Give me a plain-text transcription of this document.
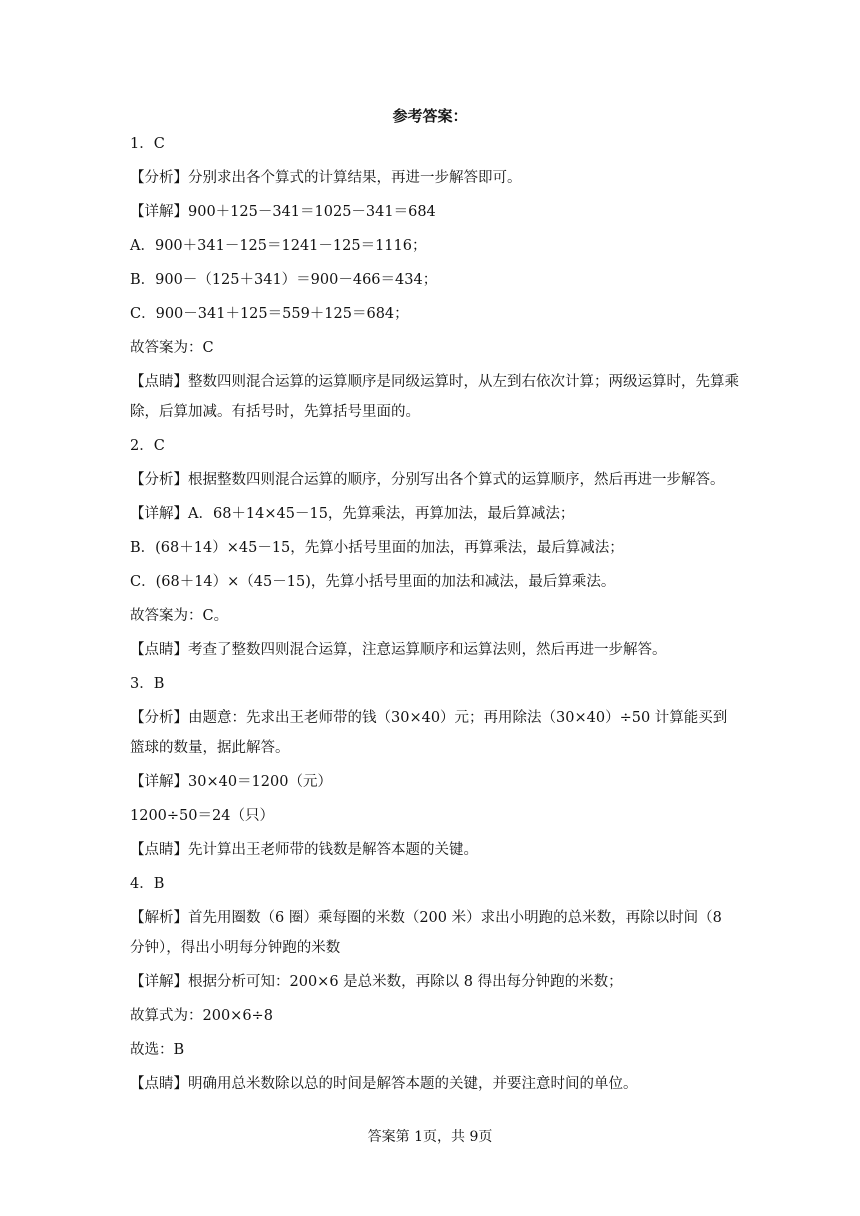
参考答案：

1．C

【分析】分别求出各个算式的计算结果，再进一步解答即可。

【详解】900＋125－341＝1025－341＝684

A．900＋341－125＝1241－125＝1116；

B．900－（125＋341）＝900－466＝434；

C．900－341＋125＝559＋125＝684；

故答案为：C

【点睛】整数四则混合运算的运算顺序是同级运算时，从左到右依次计算；两级运算时，先算乘除，后算加减。有括号时，先算括号里面的。

2．C

【分析】根据整数四则混合运算的顺序，分别写出各个算式的运算顺序，然后再进一步解答。

【详解】A．68＋14×45－15，先算乘法，再算加法，最后算减法；

B．(68＋14）×45－15，先算小括号里面的加法，再算乘法，最后算减法；

C．(68＋14）×（45－15)，先算小括号里面的加法和减法，最后算乘法。

故答案为：C。

【点睛】考查了整数四则混合运算，注意运算顺序和运算法则，然后再进一步解答。

3．B

【分析】由题意：先求出王老师带的钱（30×40）元；再用除法（30×40）÷50 计算能买到篮球的数量，据此解答。

【详解】30×40＝1200（元）

1200÷50＝24（只）

【点睛】先计算出王老师带的钱数是解答本题的关键。

4．B

【解析】首先用圈数（6 圈）乘每圈的米数（200 米）求出小明跑的总米数，再除以时间（8 分钟），得出小明每分钟跑的米数

【详解】根据分析可知：200×6 是总米数，再除以 8 得出每分钟跑的米数；

故算式为：200×6÷8

故选：B

【点睛】明确用总米数除以总的时间是解答本题的关键，并要注意时间的单位。

答案第 1页，共 9页
